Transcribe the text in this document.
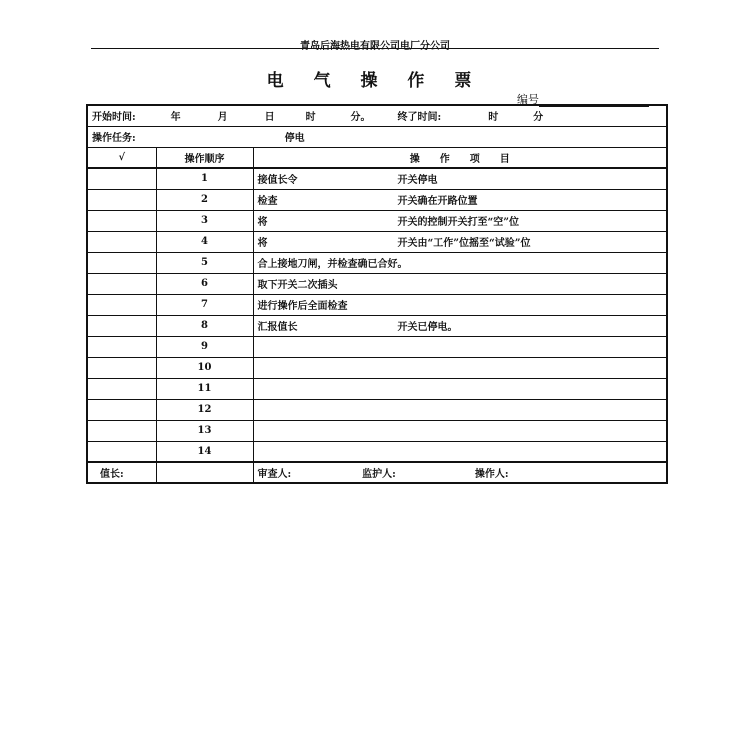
青岛后海热电有限公司电厂分公司
电 气 操 作 票
编号
开始时间: 年 月 日 时 分。 终了时间: 时 分		
操作任务: 停电		
√	操作顺序	操　　作　　项　　目
	1	接值长令 开关停电
	2	检查 开关确在开路位置
	3	将 开关的控制开关打至“空”位
	4	将 开关由“工作”位摇至“试验”位
	5	合上接地刀闸，并检查确已合好。
	6	取下开关二次插头
	7	进行操作后全面检查
	8	汇报值长 开关已停电。
	9	
	10	
	11	
	12	
	13	
	14	
值长:		审查人: 监护人: 操作人:
